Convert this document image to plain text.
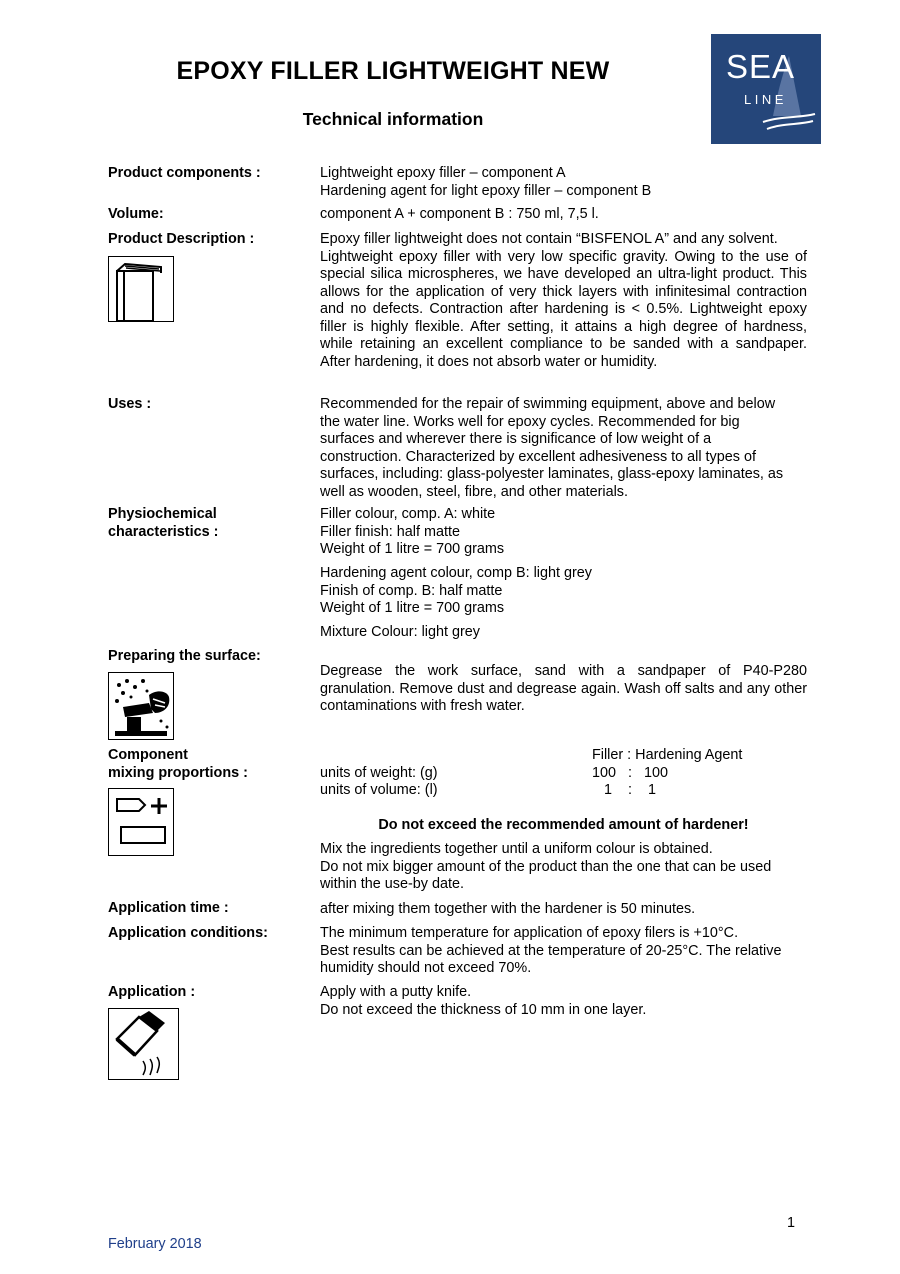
EPOXY FILLER LIGHTWEIGHT NEW
Technical information
SEA
LINE
Product components :	Lightweight epoxy filler – component A
Hardening agent for light epoxy filler – component B
Volume:	component A + component B : 750 ml, 7,5 l.
Product Description :	Epoxy filler lightweight does not contain “BISFENOL A” and any solvent.
Lightweight epoxy filler with very low specific gravity. Owing to the use of special silica microspheres, we have developed an ultra-light product. This allows for the application of very thick layers with infinitesimal contraction and no defects. Contraction after hardening is < 0.5%. Lightweight epoxy filler is highly flexible. After setting, it attains a high degree of hardness, while retaining an excellent compliance to be sanded with a sandpaper. After hardening, it does not absorb water or humidity.
Uses :	Recommended for the repair of swimming equipment, above and below
the water line. Works well for epoxy cycles. Recommended for big
surfaces and wherever there is significance of low weight of a
construction. Characterized by excellent adhesiveness to all types of
surfaces, including: glass-polyester laminates, glass-epoxy laminates, as
well as wooden, steel, fibre, and other materials.
Physiochemical
characteristics :
Filler colour, comp. A: white
Filler finish: half matte
Weight of 1 litre = 700 grams
Hardening agent colour, comp B: light grey
Finish of comp. B: half matte
Weight of 1 litre = 700 grams
Mixture Colour: light grey
Preparing the surface:
Degrease the work surface, sand with a sandpaper of P40-P280 granulation. Remove dust and degrease again. Wash off salts and any other contaminations with fresh water.
Component
mixing proportions :
Filler : Hardening Agent
units of weight: (g)	100   :   100
units of volume: (l)	1    :    1
Do not exceed the recommended amount of hardener!
Mix the ingredients together until a uniform colour is obtained.
Do not mix bigger amount of the product than the one that can be used
within the use-by date.
Application time :	after mixing them together with the hardener is 50 minutes.
Application conditions:	The minimum temperature for application of epoxy filers is +10°C.
Best results can be achieved at the temperature of 20-25°C. The relative
humidity should not exceed 70%.
Application :	Apply with a putty knife.
Do not exceed the thickness of 10 mm in one layer.
1
February 2018
